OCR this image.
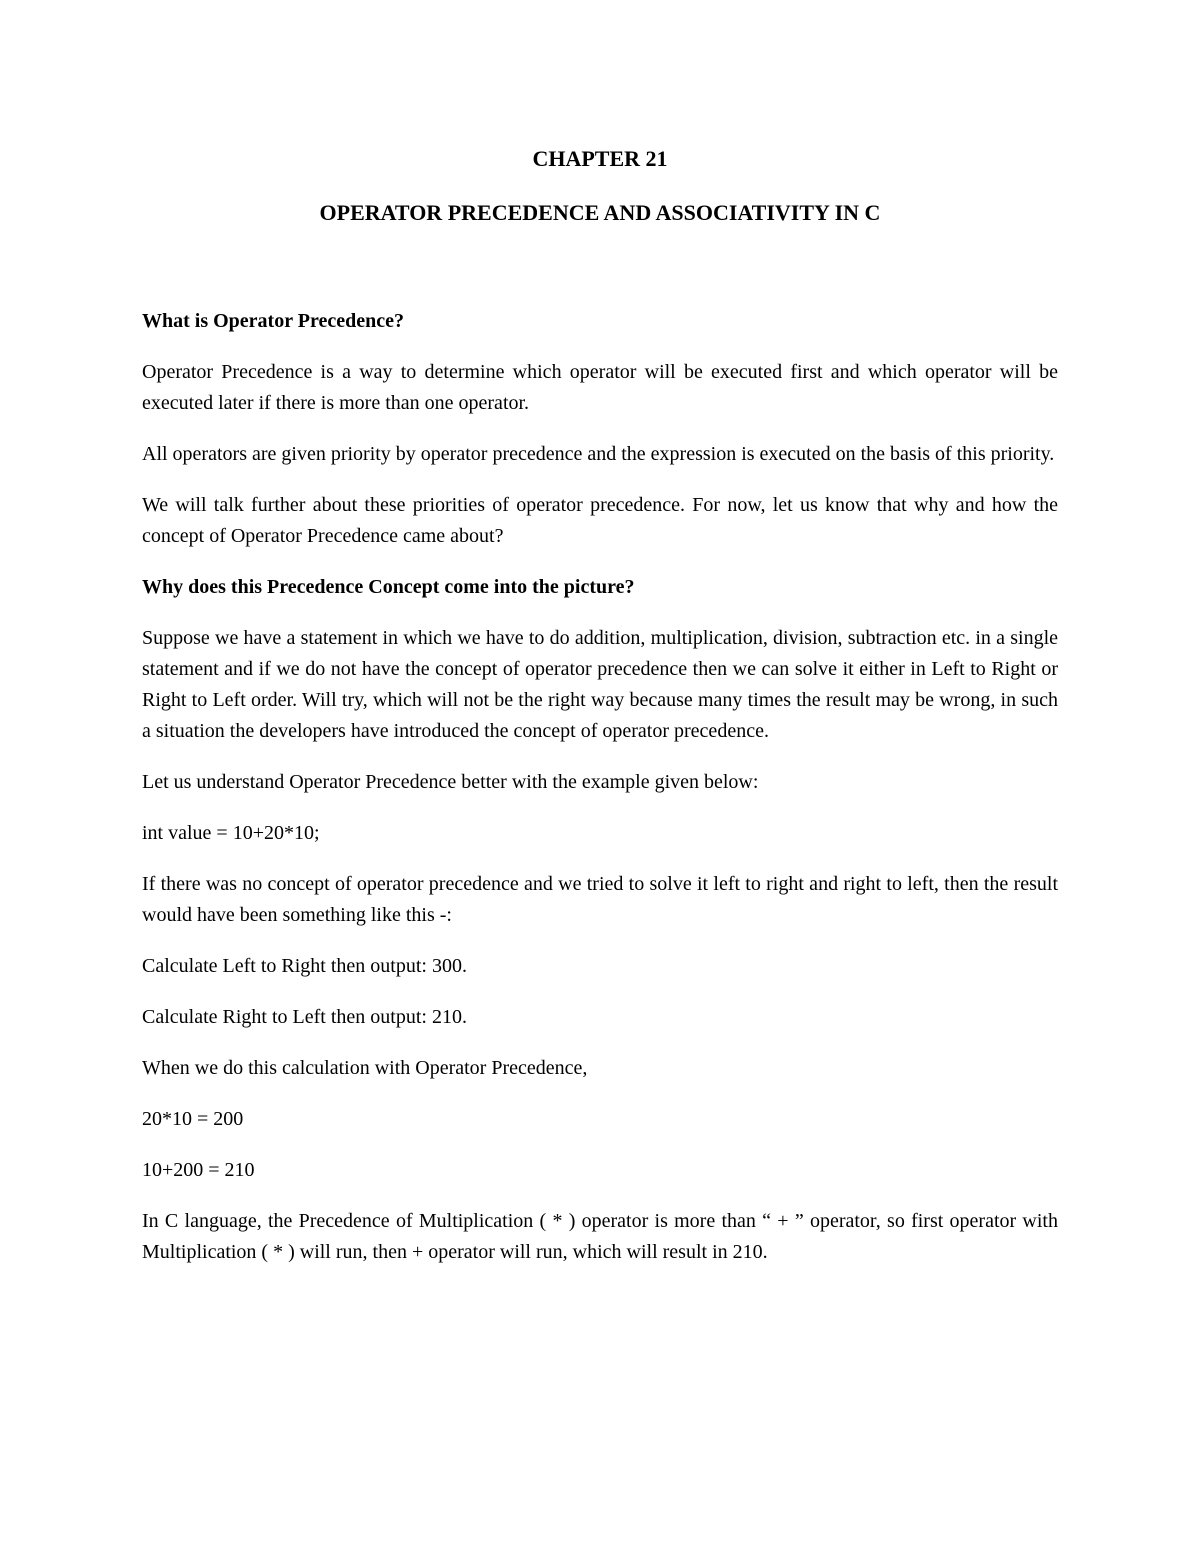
CHAPTER 21

OPERATOR PRECEDENCE AND ASSOCIATIVITY IN C

What is Operator Precedence?

Operator Precedence is a way to determine which operator will be executed first and which operator will be executed later if there is more than one operator.

All operators are given priority by operator precedence and the expression is executed on the basis of this priority.

We will talk further about these priorities of operator precedence. For now, let us know that why and how the concept of Operator Precedence came about?

Why does this Precedence Concept come into the picture?

Suppose we have a statement in which we have to do addition, multiplication, division, subtraction etc. in a single statement and if we do not have the concept of operator precedence then we can solve it either in Left to Right or Right to Left order. Will try, which will not be the right way because many times the result may be wrong, in such a situation the developers have introduced the concept of operator precedence.

Let us understand Operator Precedence better with the example given below:

int value = 10+20*10;

If there was no concept of operator precedence and we tried to solve it left to right and right to left, then the result would have been something like this -:

Calculate Left to Right then output: 300.

Calculate Right to Left then output: 210.

When we do this calculation with Operator Precedence,

20*10 = 200

10+200 = 210

In C language, the Precedence of Multiplication ( * ) operator is more than “ + ” operator, so first operator with Multiplication ( * ) will run, then + operator will run, which will result in 210.
